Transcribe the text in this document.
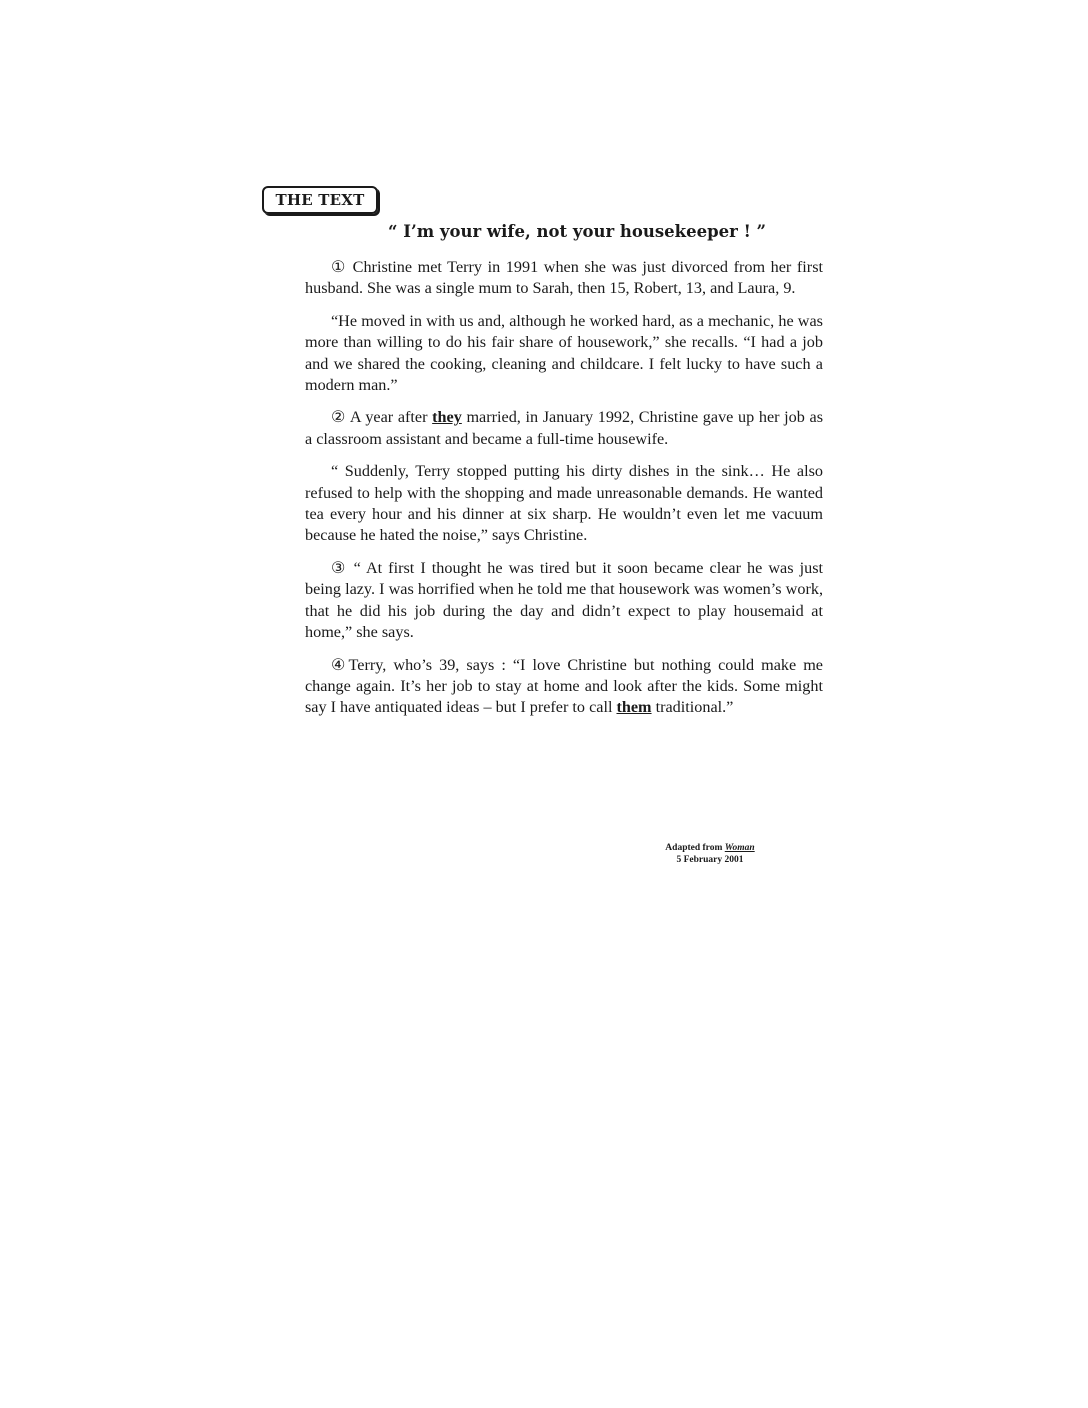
THE TEXT
“ I’m your wife, not your housekeeper ! ”

① Christine met Terry in 1991 when she was just divorced from her first husband. She was a single mum to Sarah, then 15, Robert, 13, and Laura, 9.

“He moved in with us and, although he worked hard, as a mechanic, he was more than willing to do his fair share of housework,” she recalls. “I had a job and we shared the cooking, cleaning and childcare. I felt lucky to have such a modern man.”

② A year after they married, in January 1992, Christine gave up her job as a classroom assistant and became a full-time housewife.

“ Suddenly, Terry stopped putting his dirty dishes in the sink… He also refused to help with the shopping and made unreasonable demands. He wanted tea every hour and his dinner at six sharp. He wouldn’t even let me vacuum because he hated the noise,” says Christine.

③ “ At first I thought he was tired but it soon became clear he was just being lazy. I was horrified when he told me that housework was women’s work, that he did his job during the day and didn’t expect to play housemaid at home,” she says.

④Terry, who’s 39, says : “I love Christine but nothing could make me change again. It’s her job to stay at home and look after the kids. Some might say I have antiquated ideas – but I prefer to call them traditional.”

Adapted from Woman
5 February 2001
